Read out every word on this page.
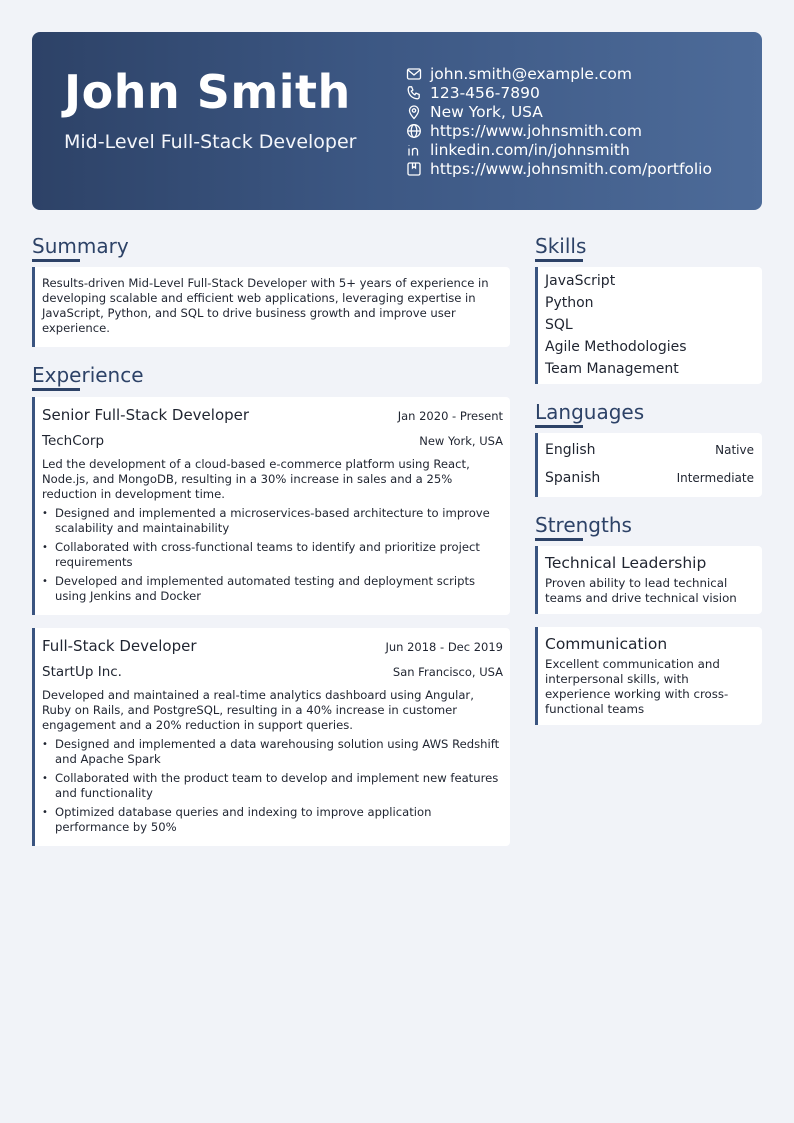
John Smith
Mid-Level Full-Stack Developer
john.smith@example.com
123-456-7890
New York, USA
https://www.johnsmith.com
linkedin.com/in/johnsmith
https://www.johnsmith.com/portfolio
Summary
Results-driven Mid-Level Full-Stack Developer with 5+ years of experience in developing scalable and efficient web applications, leveraging expertise in JavaScript, Python, and SQL to drive business growth and improve user experience.
Experience
Senior Full-Stack Developer	Jan 2020 - Present
TechCorp	New York, USA
Led the development of a cloud-based e-commerce platform using React, Node.js, and MongoDB, resulting in a 30% increase in sales and a 25% reduction in development time.
• Designed and implemented a microservices-based architecture to improve scalability and maintainability
• Collaborated with cross-functional teams to identify and prioritize project requirements
• Developed and implemented automated testing and deployment scripts using Jenkins and Docker
Full-Stack Developer	Jun 2018 - Dec 2019
StartUp Inc.	San Francisco, USA
Developed and maintained a real-time analytics dashboard using Angular, Ruby on Rails, and PostgreSQL, resulting in a 40% increase in customer engagement and a 20% reduction in support queries.
• Designed and implemented a data warehousing solution using AWS Redshift and Apache Spark
• Collaborated with the product team to develop and implement new features and functionality
• Optimized database queries and indexing to improve application performance by 50%
Skills
JavaScript
Python
SQL
Agile Methodologies
Team Management
Languages
English	Native
Spanish	Intermediate
Strengths
Technical Leadership
Proven ability to lead technical teams and drive technical vision
Communication
Excellent communication and interpersonal skills, with experience working with cross-functional teams
